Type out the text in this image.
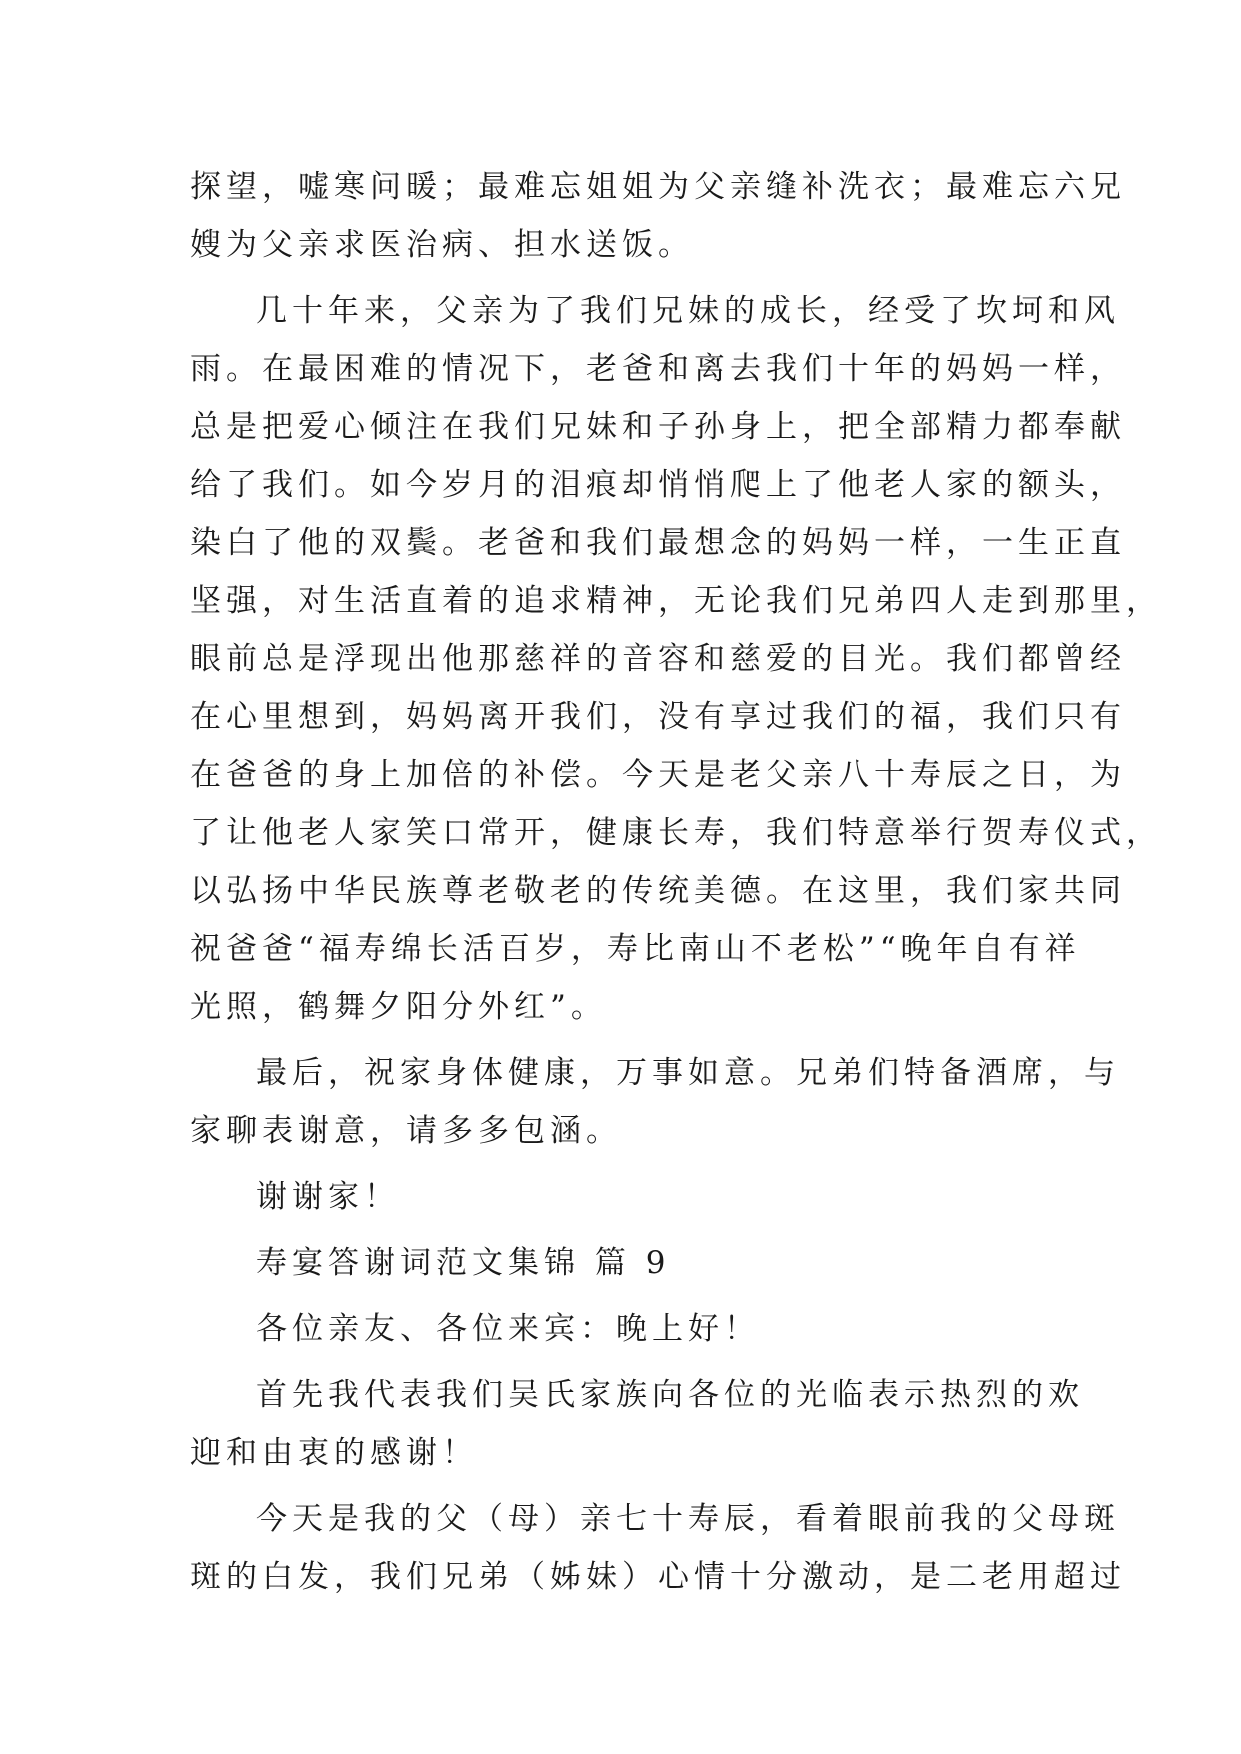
探望，嘘寒问暖；最难忘姐姐为父亲缝补洗衣；最难忘六兄
嫂为父亲求医治病、担水送饭。
几十年来，父亲为了我们兄妹的成长，经受了坎坷和风
雨。在最困难的情况下，老爸和离去我们十年的妈妈一样，
总是把爱心倾注在我们兄妹和子孙身上，把全部精力都奉献
给了我们。如今岁月的泪痕却悄悄爬上了他老人家的额头，
染白了他的双鬓。老爸和我们最想念的妈妈一样，一生正直
坚强，对生活直着的追求精神，无论我们兄弟四人走到那里，
眼前总是浮现出他那慈祥的音容和慈爱的目光。我们都曾经
在心里想到，妈妈离开我们，没有享过我们的福，我们只有
在爸爸的身上加倍的补偿。今天是老父亲八十寿辰之日，为
了让他老人家笑口常开，健康长寿，我们特意举行贺寿仪式，
以弘扬中华民族尊老敬老的传统美德。在这里，我们家共同
祝爸爸“福寿绵长活百岁，寿比南山不老松”“晚年自有祥
光照，鹤舞夕阳分外红”。
最后，祝家身体健康，万事如意。兄弟们特备酒席，与
家聊表谢意，请多多包涵。
谢谢家！
寿宴答谢词范文集锦 篇 9
各位亲友、各位来宾：晚上好！
首先我代表我们吴氏家族向各位的光临表示热烈的欢
迎和由衷的感谢！
今天是我的父（母）亲七十寿辰，看着眼前我的父母斑
斑的白发，我们兄弟（姊妹）心情十分激动，是二老用超过
